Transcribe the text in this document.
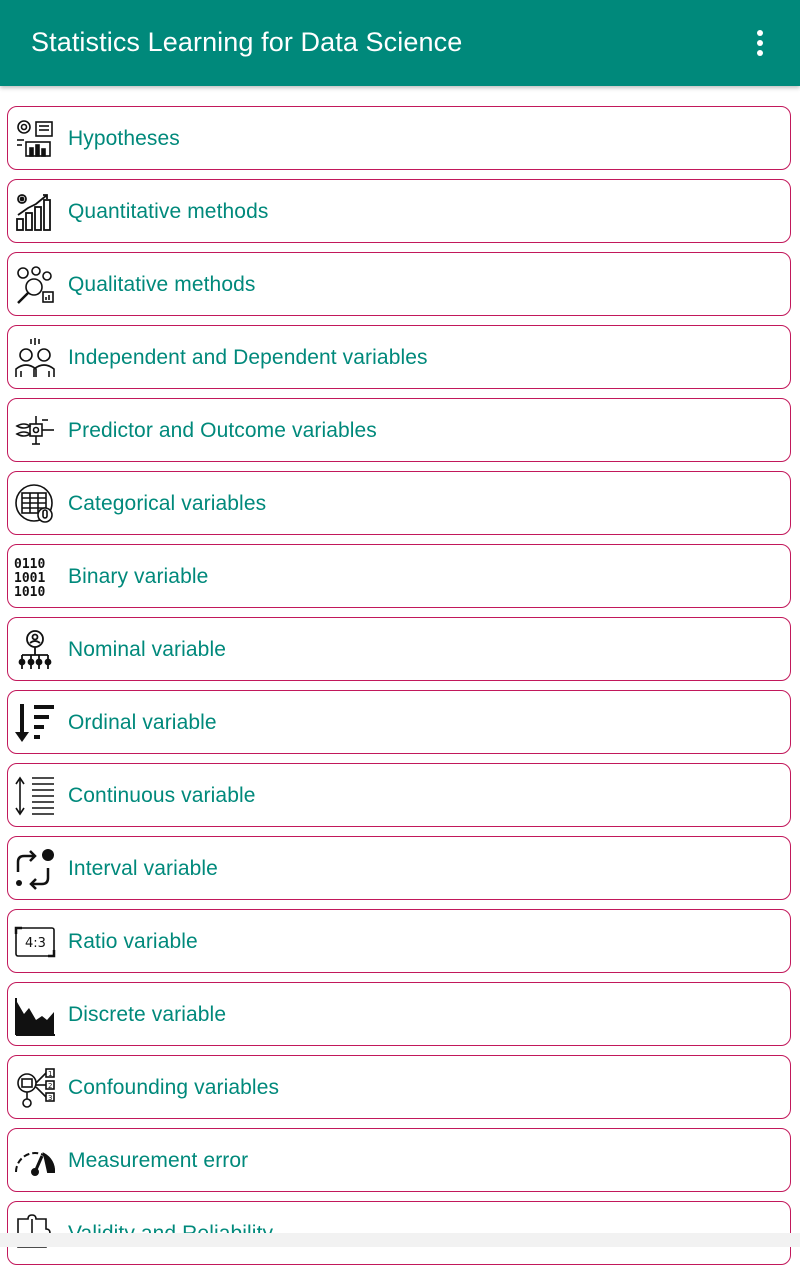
Statistics Learning for Data Science
Hypotheses
Quantitative methods
Qualitative methods
Independent and Dependent variables
Predictor and Outcome variables
Categorical variables
0110
1001
1010
Binary variable
Nominal variable
Ordinal variable
Continuous variable
Interval variable
4:3 Ratio variable
Discrete variable
1
2
3 Confounding variables
Measurement error
